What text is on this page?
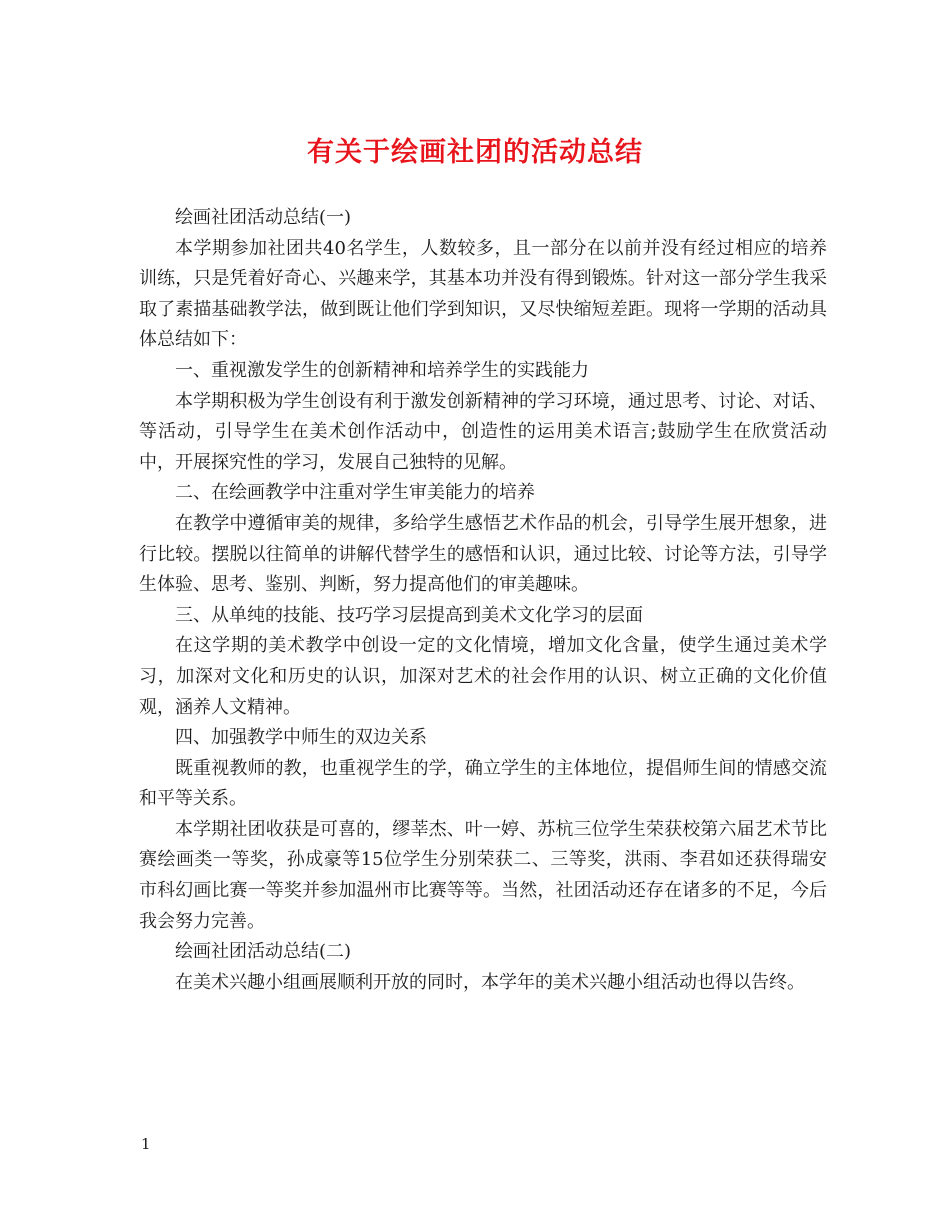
有关于绘画社团的活动总结

绘画社团活动总结(一)

本学期参加社团共40名学生，人数较多，且一部分在以前并没有经过相应的培养训练，只是凭着好奇心、兴趣来学，其基本功并没有得到锻炼。针对这一部分学生我采取了素描基础教学法，做到既让他们学到知识，又尽快缩短差距。现将一学期的活动具体总结如下：

一、重视激发学生的创新精神和培养学生的实践能力

本学期积极为学生创设有利于激发创新精神的学习环境，通过思考、讨论、对话、等活动，引导学生在美术创作活动中，创造性的运用美术语言;鼓励学生在欣赏活动中，开展探究性的学习，发展自己独特的见解。

二、在绘画教学中注重对学生审美能力的培养

在教学中遵循审美的规律，多给学生感悟艺术作品的机会，引导学生展开想象，进行比较。摆脱以往简单的讲解代替学生的感悟和认识，通过比较、讨论等方法，引导学生体验、思考、鉴别、判断，努力提高他们的审美趣味。

三、从单纯的技能、技巧学习层提高到美术文化学习的层面

在这学期的美术教学中创设一定的文化情境，增加文化含量，使学生通过美术学习，加深对文化和历史的认识，加深对艺术的社会作用的认识、树立正确的文化价值观，涵养人文精神。

四、加强教学中师生的双边关系

既重视教师的教，也重视学生的学，确立学生的主体地位，提倡师生间的情感交流和平等关系。

本学期社团收获是可喜的，缪莘杰、叶一婷、苏杭三位学生荣获校第六届艺术节比赛绘画类一等奖，孙成豪等15位学生分别荣获二、三等奖，洪雨、李君如还获得瑞安市科幻画比赛一等奖并参加温州市比赛等等。当然，社团活动还存在诸多的不足，今后我会努力完善。

绘画社团活动总结(二)

在美术兴趣小组画展顺利开放的同时，本学年的美术兴趣小组活动也得以告终。

1
